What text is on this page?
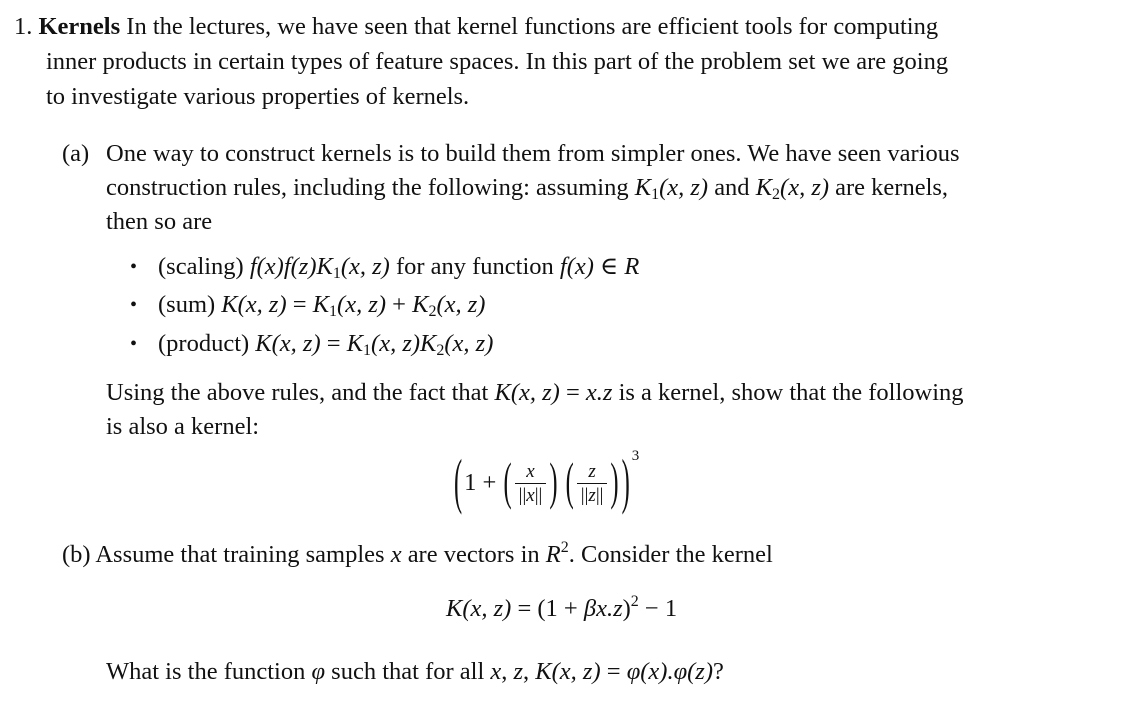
1. Kernels In the lectures, we have seen that kernel functions are efficient tools for computing
inner products in certain types of feature spaces. In this part of the problem set we are going
to investigate various properties of kernels.
(a) One way to construct kernels is to build them from simpler ones. We have seen various
construction rules, including the following: assuming $K_1(x$, z) and $K_2(x$, z) are kernels,
then so are
• (scaling) $f(x)f(z)K_1(x$, z) for any function f(x) ∈ R
• (sum) K(x, $z) = K_1(x$, $z) + K_2(x$, z)
• (product) K(x, $z) = K_1(x$, $z)K_2(x$, z)
Using the above rules, and the fact that K(x, z) = x.z is a kernel, show that the following
is also a kernel:
(1 + ( $\frac{x}{||x||}$ ) ( $\frac{z}{||z||}$ ) ) $^3$
(b) Assume that training samples x are vectors in $R^2$. Consider the kernel
K(x, $z) = (1 + \beta x.z)^2 - 1$
What is the function φ such that for all x, z, K(x, z) = φ(x).φ(z)?
